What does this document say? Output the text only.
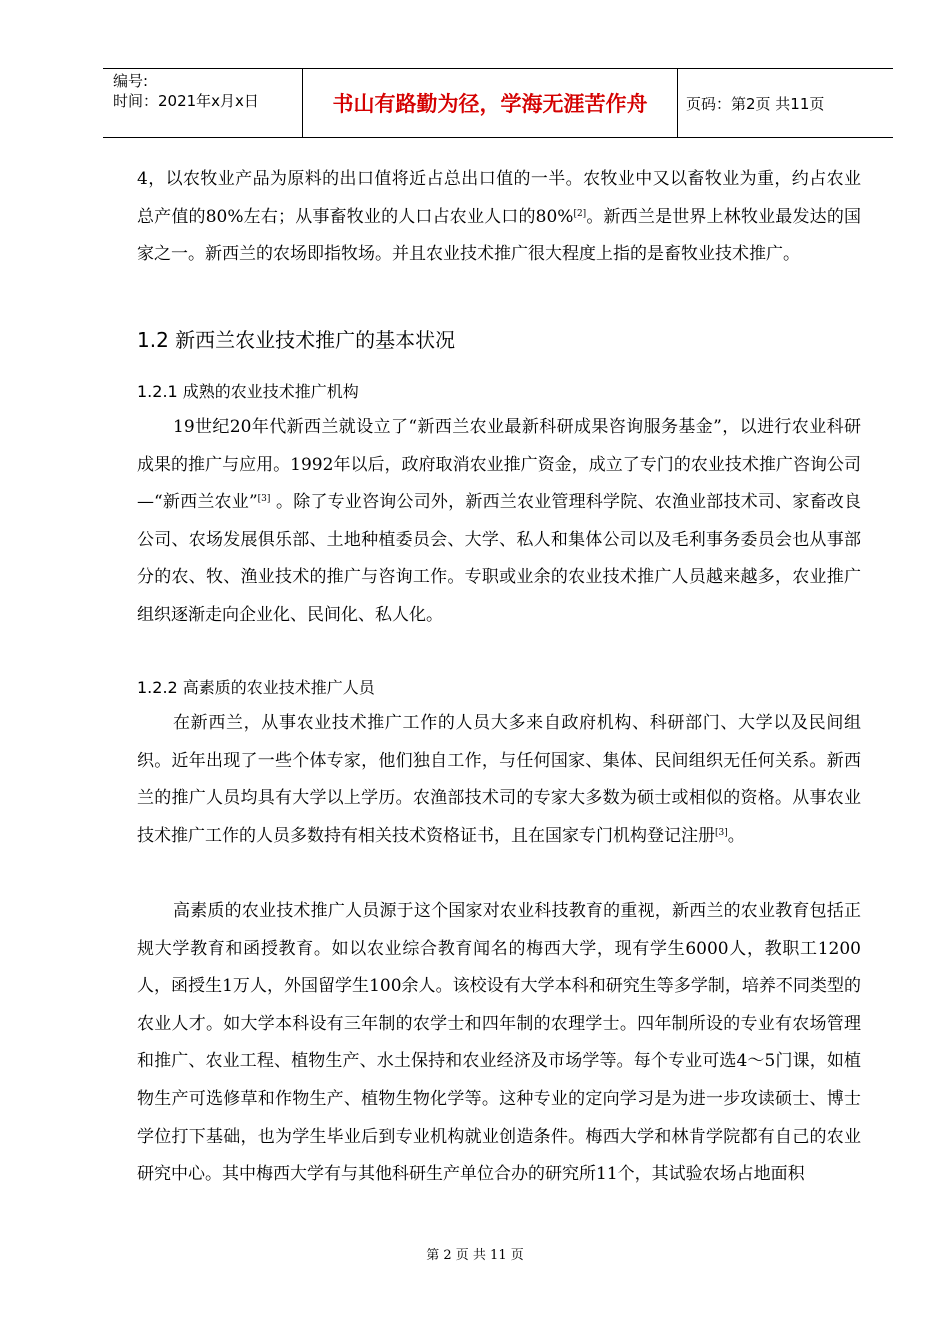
编号:
时间：2021年x月x日	书山有路勤为径，学海无涯苦作舟	页码：第2页 共11页

4，以农牧业产品为原料的出口值将近占总出口值的一半。农牧业中又以畜牧业为重，约占农业总产值的80%左右；从事畜牧业的人口占农业人口的80%[2]。新西兰是世界上林牧业最发达的国家之一。新西兰的农场即指牧场。并且农业技术推广很大程度上指的是畜牧业技术推广。

1.2 新西兰农业技术推广的基本状况
1.2.1 成熟的农业技术推广机构

19世纪20年代新西兰就设立了“新西兰农业最新科研成果咨询服务基金”，以进行农业科研成果的推广与应用。1992年以后，政府取消农业推广资金，成立了专门的农业技术推广咨询公司 —“新西兰农业”[3] 。除了专业咨询公司外，新西兰农业管理科学院、农渔业部技术司、家畜改良公司、农场发展俱乐部、土地种植委员会、大学、私人和集体公司以及毛利事务委员会也从事部分的农、牧、渔业技术的推广与咨询工作。专职或业余的农业技术推广人员越来越多，农业推广组织逐渐走向企业化、民间化、私人化。

1.2.2 高素质的农业技术推广人员

在新西兰，从事农业技术推广工作的人员大多来自政府机构、科研部门、大学以及民间组织。近年出现了一些个体专家，他们独自工作，与任何国家、集体、民间组织无任何关系。新西兰的推广人员均具有大学以上学历。农渔部技术司的专家大多数为硕士或相似的资格。从事农业技术推广工作的人员多数持有相关技术资格证书，且在国家专门机构登记注册[3]。

高素质的农业技术推广人员源于这个国家对农业科技教育的重视，新西兰的农业教育包括正规大学教育和函授教育。如以农业综合教育闻名的梅西大学，现有学生6000人，教职工1200人，函授生1万人，外国留学生100余人。该校设有大学本科和研究生等多学制，培养不同类型的农业人才。如大学本科设有三年制的农学士和四年制的农理学士。四年制所设的专业有农场管理和推广、农业工程、植物生产、水土保持和农业经济及市场学等。每个专业可选4～5门课，如植物生产可选修草和作物生产、植物生物化学等。这种专业的定向学习是为进一步攻读硕士、博士学位打下基础，也为学生毕业后到专业机构就业创造条件。梅西大学和林肯学院都有自己的农业研究中心。其中梅西大学有与其他科研生产单位合办的研究所11个，其试验农场占地面积

第 2 页 共 11 页
